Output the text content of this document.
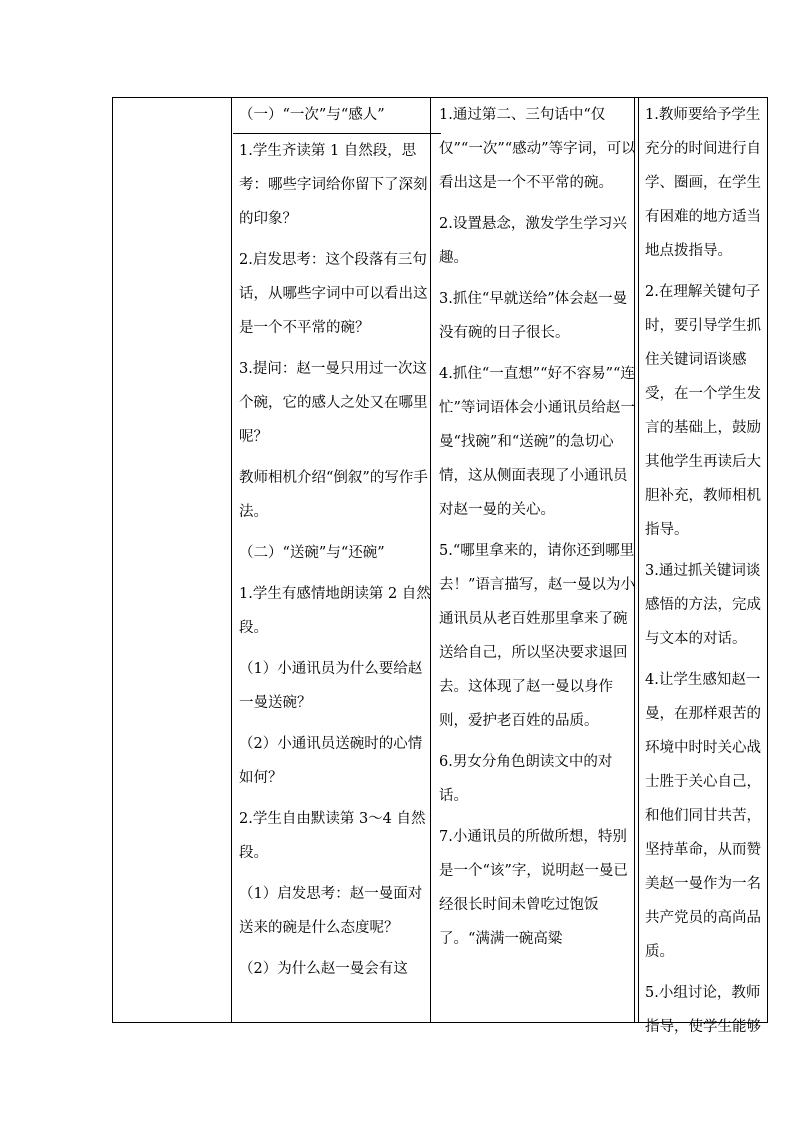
（一）“一次”与“感人”

1.学生齐读第 1 自然段，思考：哪些字词给你留下了深刻的印象？

2.启发思考：这个段落有三句话，从哪些字词中可以看出这是一个不平常的碗？

3.提问：赵一曼只用过一次这个碗，它的感人之处又在哪里呢？

教师相机介绍“倒叙”的写作手法。

（二）“送碗”与“还碗”

1.学生有感情地朗读第 2 自然段。

（1）小通讯员为什么要给赵一曼送碗？

（2）小通讯员送碗时的心情如何？

2.学生自由默读第 3～4 自然段。

（1）启发思考：赵一曼面对送来的碗是什么态度呢？

（2）为什么赵一曼会有这

1.通过第二、三句话中“仅仅”“一次”“感动”等字词，可以看出这是一个不平常的碗。

2.设置悬念，激发学生学习兴趣。

3.抓住“早就送给”体会赵一曼没有碗的日子很长。

4.抓住“一直想”“好不容易”“连忙”等词语体会小通讯员给赵一曼“找碗”和“送碗”的急切心情，这从侧面表现了小通讯员对赵一曼的关心。

5.“哪里拿来的，请你还到哪里去！”语言描写，赵一曼以为小通讯员从老百姓那里拿来了碗送给自己，所以坚决要求退回去。这体现了赵一曼以身作则，爱护老百姓的品质。

6.男女分角色朗读文中的对话。

7.小通讯员的所做所想，特别是一个“该”字，说明赵一曼已经很长时间未曾吃过饱饭了。“满满一碗高粱

1.教师要给予学生充分的时间进行自学、圈画，在学生有困难的地方适当地点拨指导。

2.在理解关键句子时，要引导学生抓住关键词语谈感受，在一个学生发言的基础上，鼓励其他学生再读后大胆补充，教师相机指导。

3.通过抓关键词谈感悟的方法，完成与文本的对话。

4.让学生感知赵一曼，在那样艰苦的环境中时时关心战士胜于关心自己，和他们同甘共苦，坚持革命，从而赞美赵一曼作为一名共产党员的高尚品质。

5.小组讨论，教师指导，使学生能够
